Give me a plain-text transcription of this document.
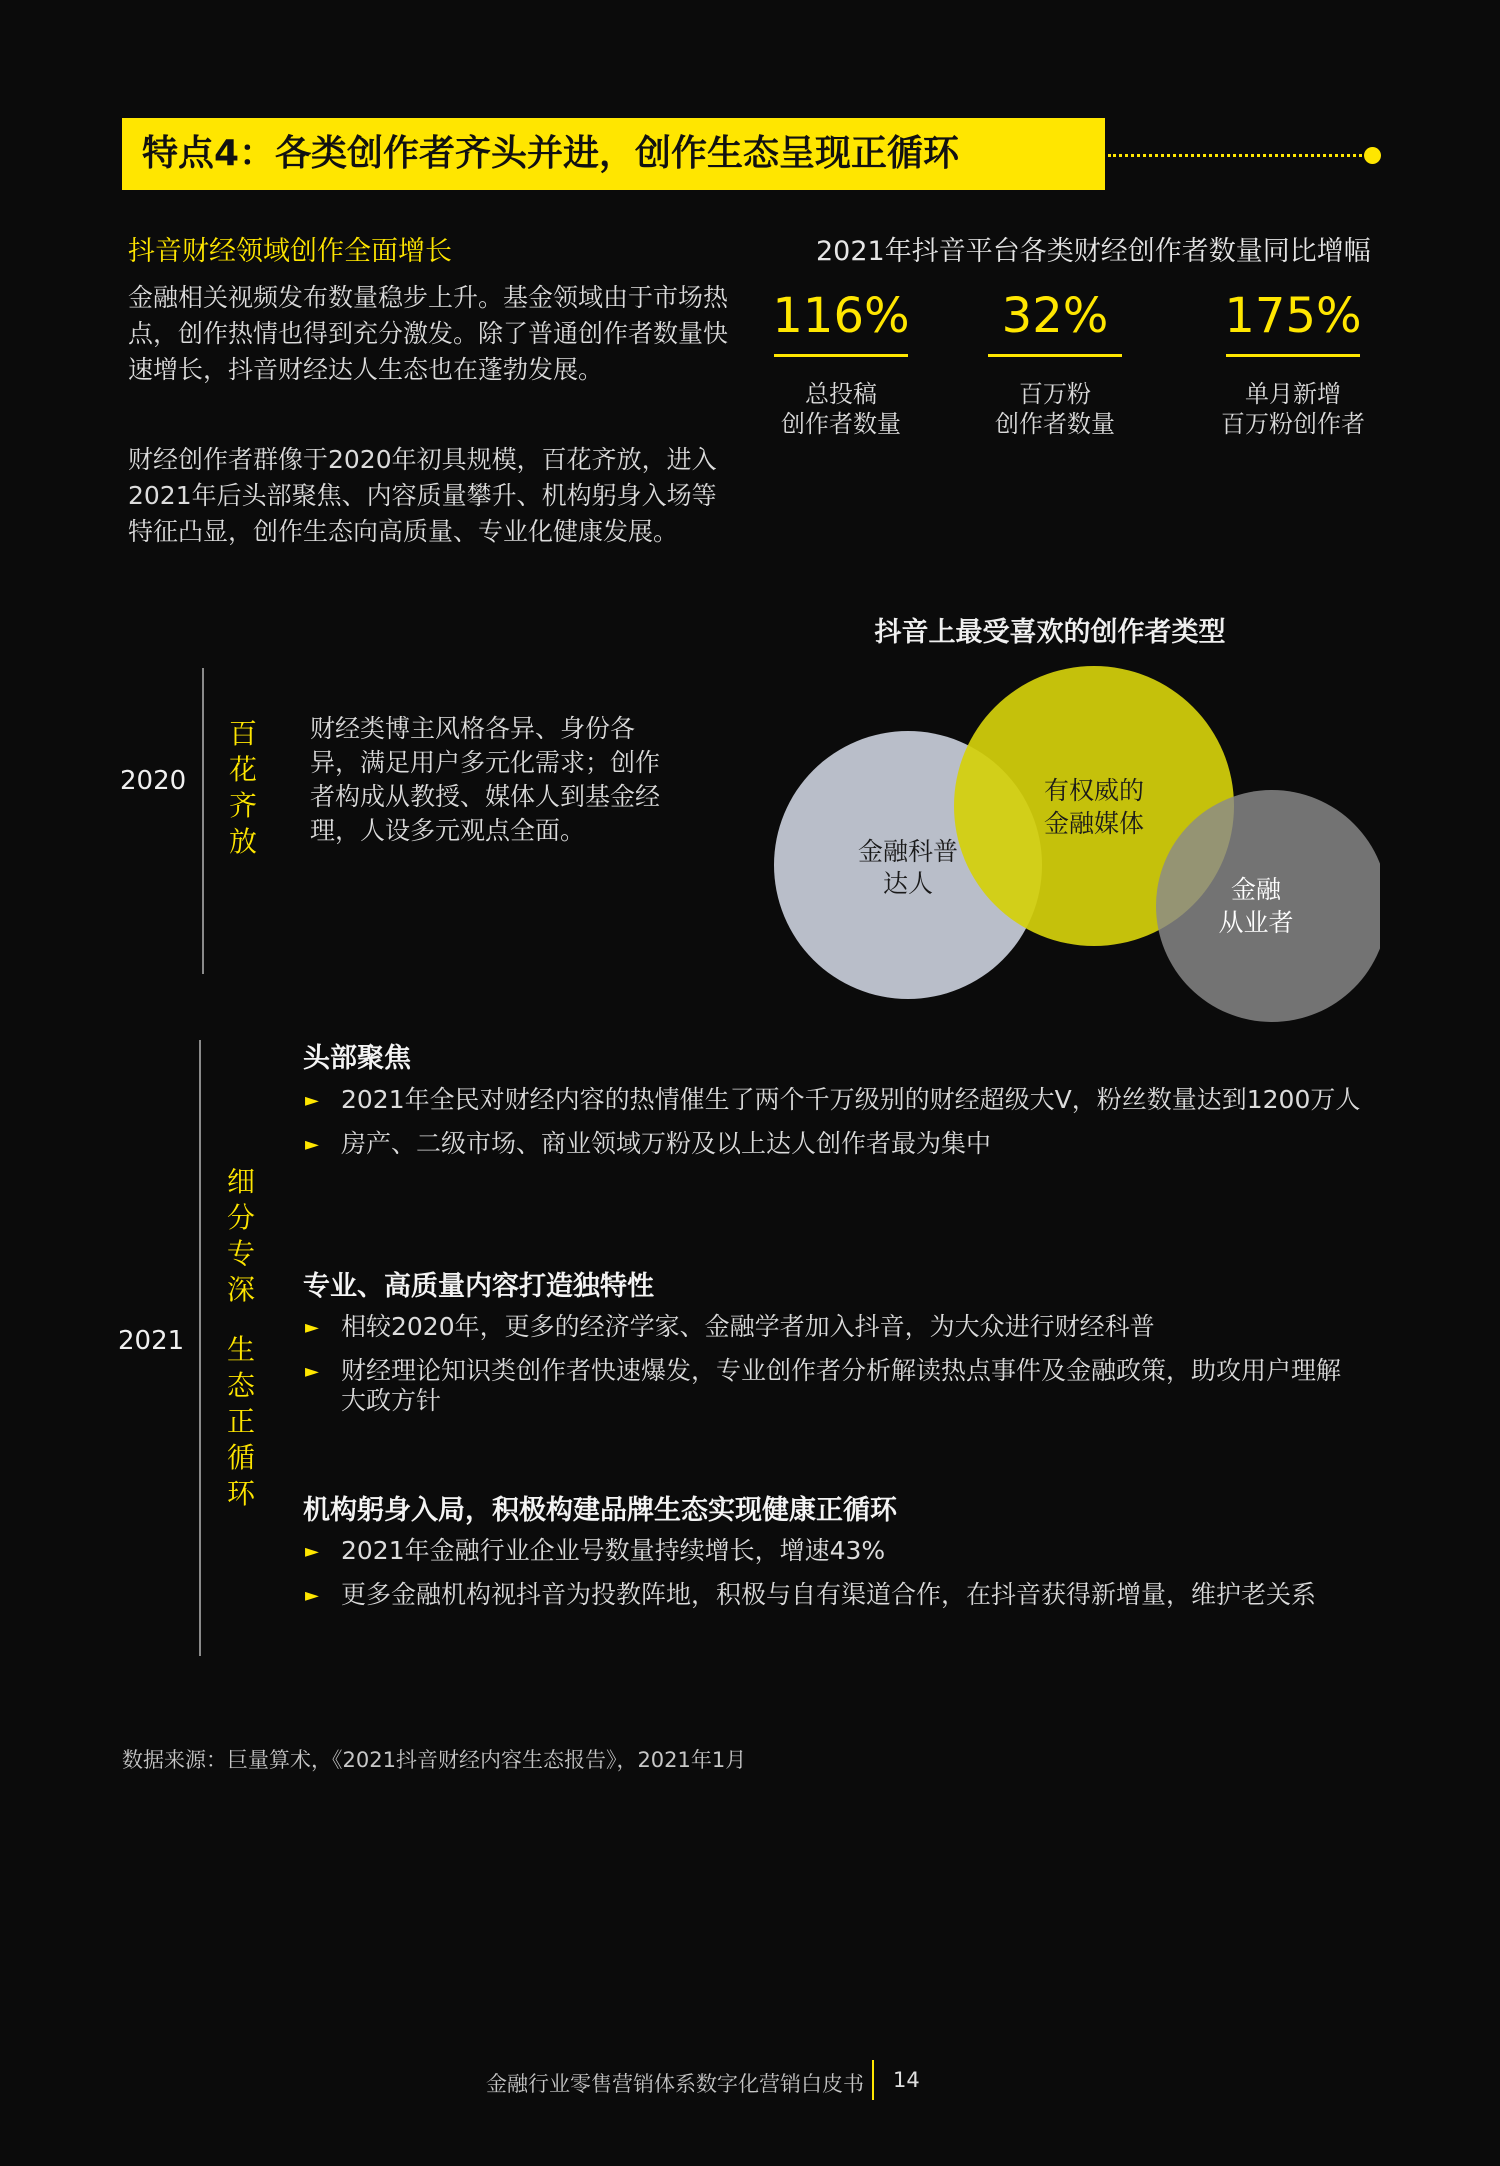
特点4：各类创作者齐头并进，创作生态呈现正循环
抖音财经领域创作全面增长
金融相关视频发布数量稳步上升。基金领域由于市场热点，创作热情也得到充分激发。除了普通创作者数量快速增长，抖音财经达人生态也在蓬勃发展。
财经创作者群像于2020年初具规模，百花齐放，进入2021年后头部聚焦、内容质量攀升、机构躬身入场等特征凸显，创作生态向高质量、专业化健康发展。
2021年抖音平台各类财经创作者数量同比增幅
116%
总投稿
创作者数量
32%
百万粉
创作者数量
175%
单月新增
百万粉创作者
抖音上最受喜欢的创作者类型
金融科普
达人
有权威的
金融媒体
金融
从业者
2020
百花齐放
财经类博主风格各异、身份各异，满足用户多元化需求；创作者构成从教授、媒体人到基金经理，人设多元观点全面。
2021
细分专深
生态正循环
头部聚焦
► 2021年全民对财经内容的热情催生了两个千万级别的财经超级大V，粉丝数量达到1200万人
► 房产、二级市场、商业领域万粉及以上达人创作者最为集中
专业、高质量内容打造独特性
► 相较2020年，更多的经济学家、金融学者加入抖音，为大众进行财经科普
► 财经理论知识类创作者快速爆发，专业创作者分析解读热点事件及金融政策，助攻用户理解大政方针
机构躬身入局，积极构建品牌生态实现健康正循环
► 2021年金融行业企业号数量持续增长，增速43%
► 更多金融机构视抖音为投教阵地，积极与自有渠道合作，在抖音获得新增量，维护老关系
数据来源：巨量算术，《2021抖音财经内容生态报告》，2021年1月
金融行业零售营销体系数字化营销白皮书 14
